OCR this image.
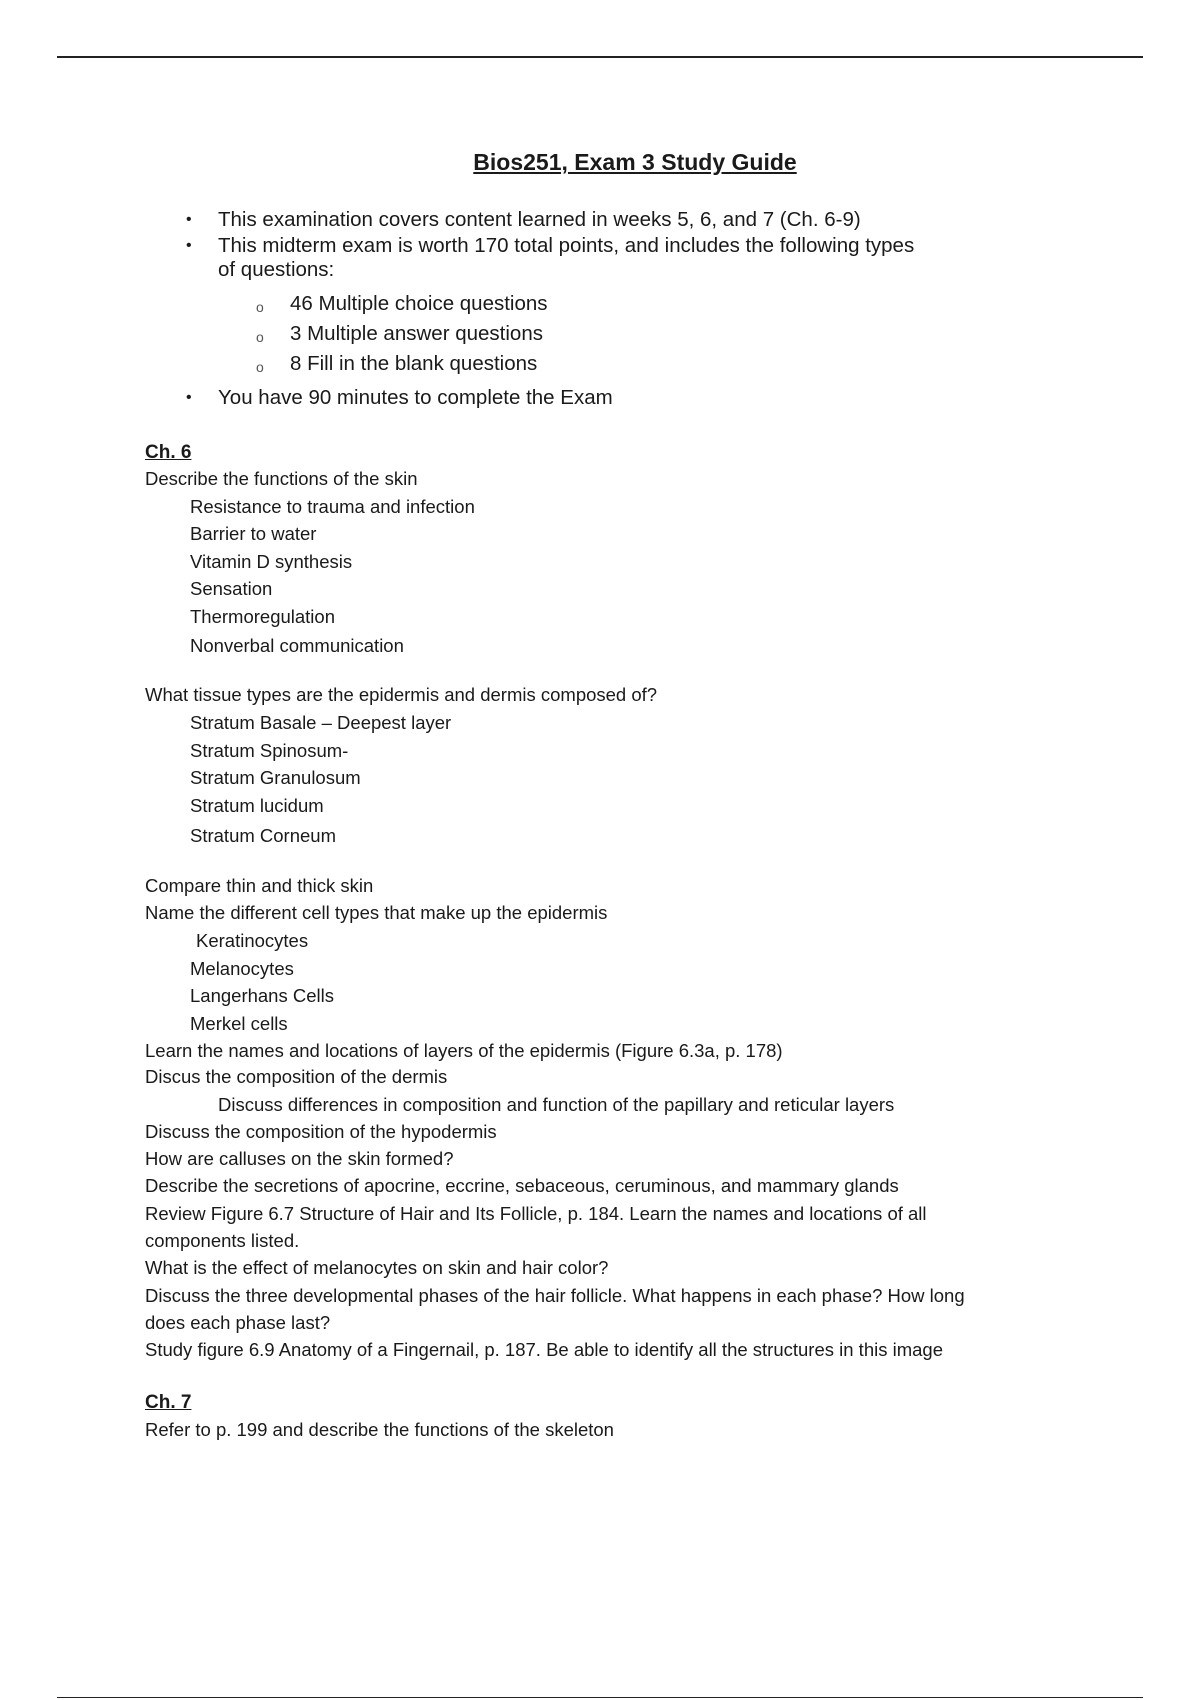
Bios251, Exam 3 Study Guide
• This examination covers content learned in weeks 5, 6, and 7 (Ch. 6-9)
• This midterm exam is worth 170 total points, and includes the following types
of questions:
o 46 Multiple choice questions
o 3 Multiple answer questions
o 8 Fill in the blank questions
• You have 90 minutes to complete the Exam
Ch. 6
Describe the functions of the skin
Resistance to trauma and infection
Barrier to water
Vitamin D synthesis
Sensation
Thermoregulation
Nonverbal communication
What tissue types are the epidermis and dermis composed of?
Stratum Basale – Deepest layer
Stratum Spinosum-
Stratum Granulosum
Stratum lucidum
Stratum Corneum
Compare thin and thick skin
Name the different cell types that make up the epidermis
Keratinocytes
Melanocytes
Langerhans Cells
Merkel cells
Learn the names and locations of layers of the epidermis (Figure 6.3a, p. 178)
Discus the composition of the dermis
Discuss differences in composition and function of the papillary and reticular layers
Discuss the composition of the hypodermis
How are calluses on the skin formed?
Describe the secretions of apocrine, eccrine, sebaceous, ceruminous, and mammary glands
Review Figure 6.7 Structure of Hair and Its Follicle, p. 184. Learn the names and locations of all
components listed.
What is the effect of melanocytes on skin and hair color?
Discuss the three developmental phases of the hair follicle. What happens in each phase? How long
does each phase last?
Study figure 6.9 Anatomy of a Fingernail, p. 187. Be able to identify all the structures in this image
Ch. 7
Refer to p. 199 and describe the functions of the skeleton
